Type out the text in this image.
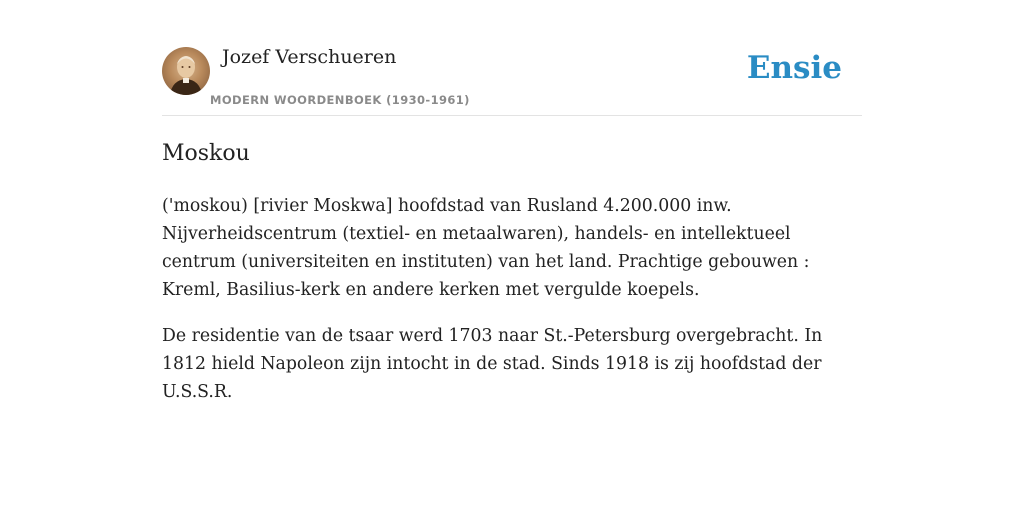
Jozef Verschueren
MODERN WOORDENBOEK (1930-1961)
Ensie
Moskou

('moskou) [rivier Moskwa] hoofdstad van Rusland 4.200.000 inw. Nijverheidscentrum (textiel- en metaalwaren), handels- en intellektueel centrum (universiteiten en instituten) van het land. Prachtige gebouwen : Kreml, Basilius-kerk en andere kerken met vergulde koepels.

De residentie van de tsaar werd 1703 naar St.-Petersburg overgebracht. In 1812 hield Napoleon zijn intocht in de stad. Sinds 1918 is zij hoofdstad der U.S.S.R.
